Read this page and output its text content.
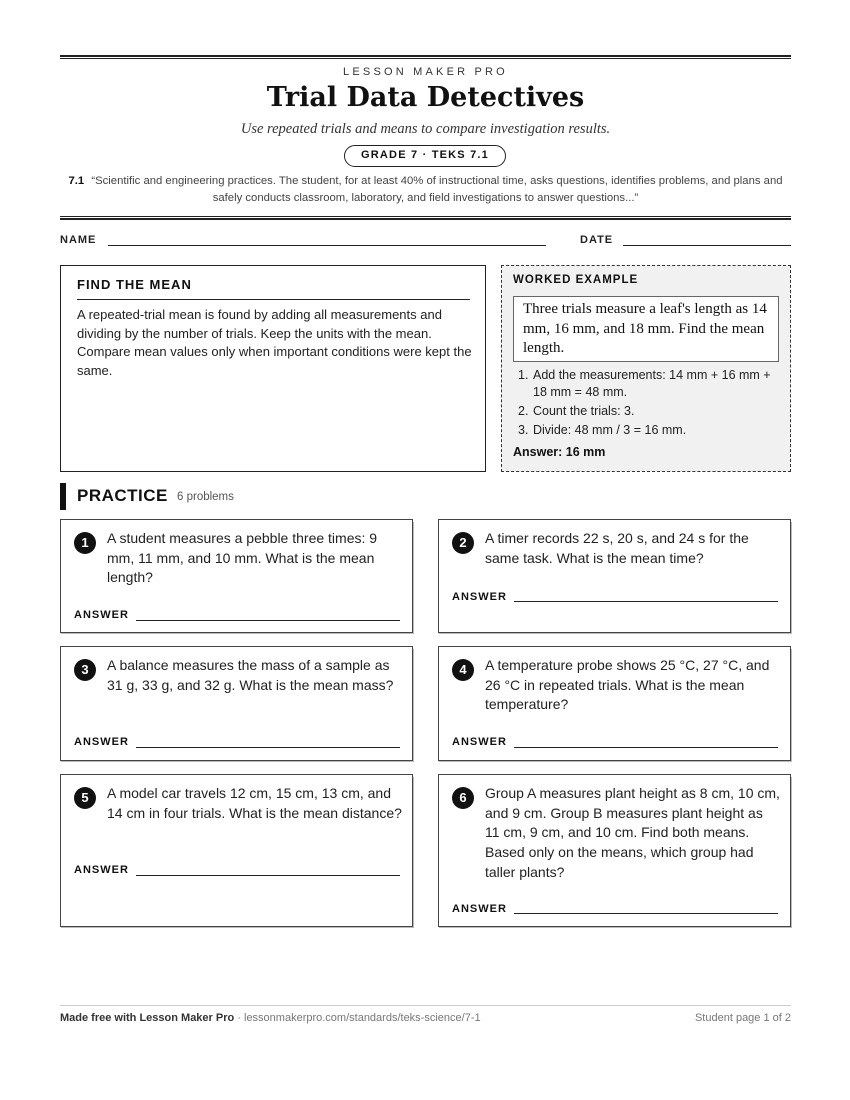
LESSON MAKER PRO
Trial Data Detectives
Use repeated trials and means to compare investigation results.
GRADE 7 · TEKS 7.1
7.1 “Scientific and engineering practices. The student, for at least 40% of instructional time, asks questions, identifies problems, and plans and safely conducts classroom, laboratory, and field investigations to answer questions...”
NAME	DATE
FIND THE MEAN
A repeated-trial mean is found by adding all measurements and dividing by the number of trials. Keep the units with the mean. Compare mean values only when important conditions were kept the same.
WORKED EXAMPLE
Three trials measure a leaf's length as 14 mm, 16 mm, and 18 mm. Find the mean length.
1. Add the measurements: 14 mm + 16 mm + 18 mm = 48 mm.
2. Count the trials: 3.
3. Divide: 48 mm / 3 = 16 mm.
Answer: 16 mm
PRACTICE 6 problems
1	A student measures a pebble three times: 9 mm, 11 mm, and 10 mm. What is the mean length?
ANSWER
2	A timer records 22 s, 20 s, and 24 s for the same task. What is the mean time?
ANSWER
3	A balance measures the mass of a sample as 31 g, 33 g, and 32 g. What is the mean mass?
ANSWER
4	A temperature probe shows 25 °C, 27 °C, and 26 °C in repeated trials. What is the mean temperature?
ANSWER
5	A model car travels 12 cm, 15 cm, 13 cm, and 14 cm in four trials. What is the mean distance?
ANSWER
6	Group A measures plant height as 8 cm, 10 cm, and 9 cm. Group B measures plant height as 11 cm, 9 cm, and 10 cm. Find both means. Based only on the means, which group had taller plants?
ANSWER
Made free with Lesson Maker Pro · lessonmakerpro.com/standards/teks-science/7-1	Student page 1 of 2
